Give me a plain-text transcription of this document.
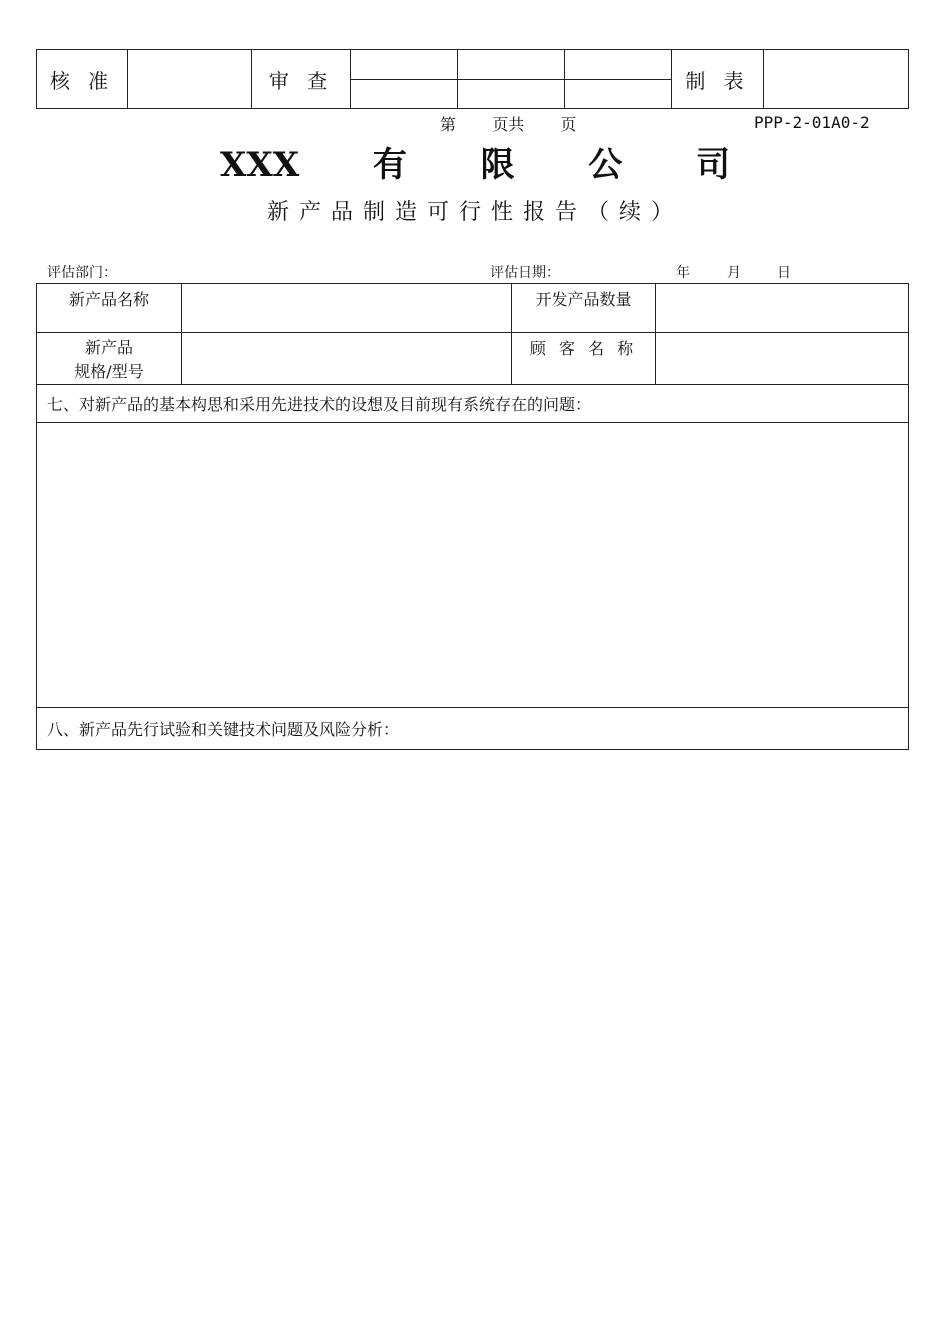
核 准		审 查				制 表	

第 页共 页	PPP-2-01A0-2
XXX 有 限 公 司
新产品制造可行性报告（续）
评估部门：	评估日期：	年	月	日
新产品名称		开发产品数量	

新产品
规格/型号		顾 客 名 称	
七、对新产品的基本构思和采用先进技术的设想及目前现有系统存在的问题：			

八、新产品先行试验和关键技术问题及风险分析：			
